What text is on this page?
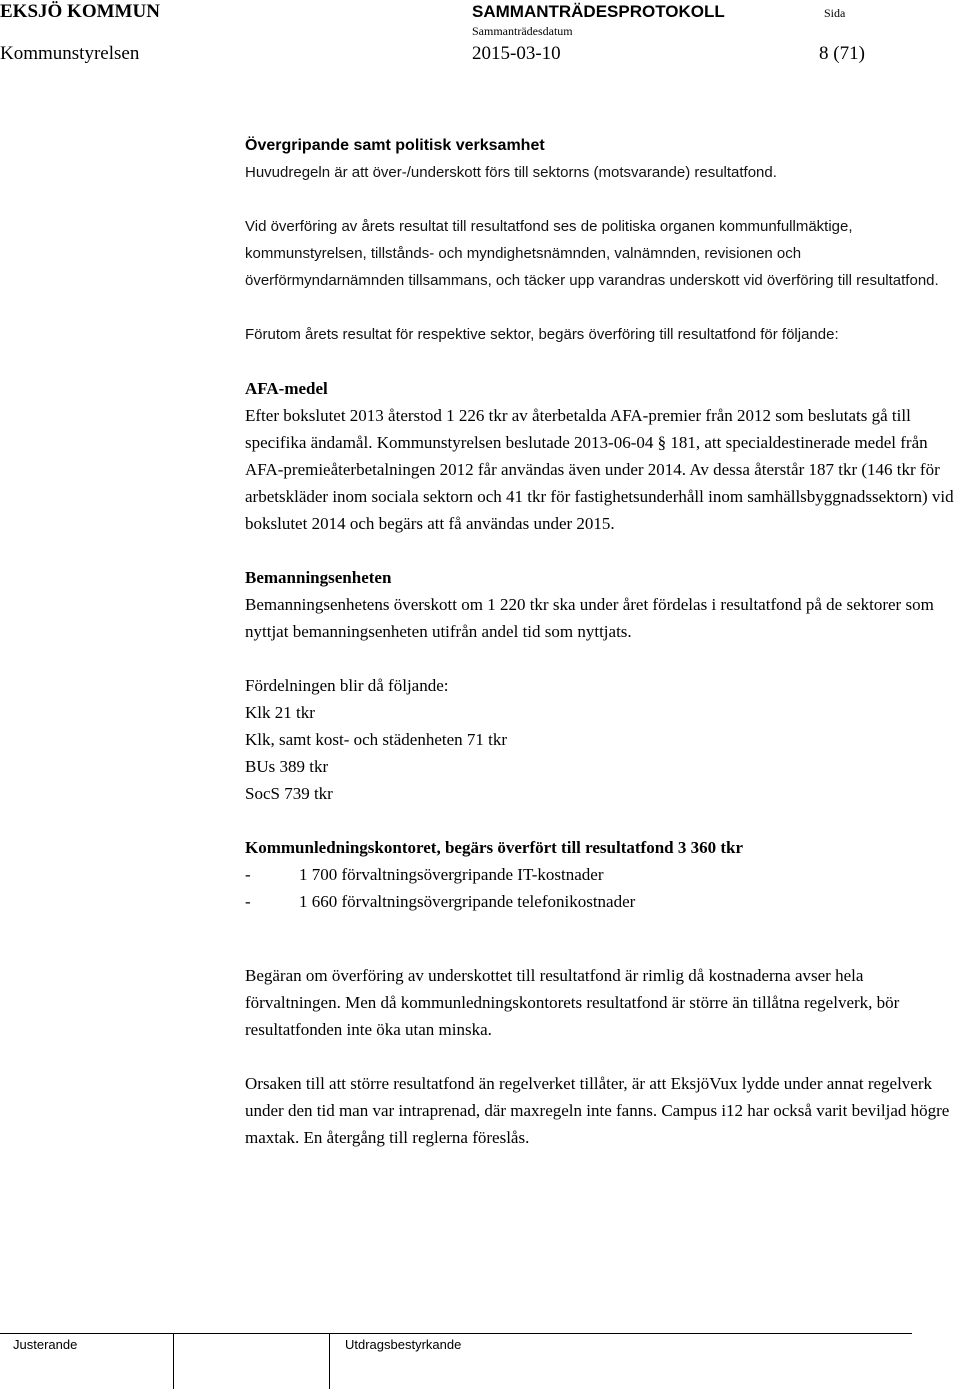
EKSJÖ KOMMUN	SAMMANTRÄDESPROTOKOLL	Sida
Sammanträdesdatum
Kommunstyrelsen	2015-03-10	8 (71)
Övergripande samt politisk verksamhet

Huvudregeln är att över-/underskott förs till sektorns (motsvarande) resultatfond.

Vid överföring av årets resultat till resultatfond ses de politiska organen kommunfullmäktige, kommunstyrelsen, tillstånds- och myndighetsnämnden, valnämnden, revisionen och överförmyndarnämnden tillsammans, och täcker upp varandras underskott vid överföring till resultatfond.

Förutom årets resultat för respektive sektor, begärs överföring till resultatfond för följande:

AFA-medel

Efter bokslutet 2013 återstod 1 226 tkr av återbetalda AFA-premier från 2012 som beslutats gå till specifika ändamål. Kommunstyrelsen beslutade 2013-06-04 § 181, att specialdestinerade medel från AFA-premieåterbetalningen 2012 får användas även under 2014. Av dessa återstår 187 tkr (146 tkr för arbetskläder inom sociala sektorn och 41 tkr för fastighetsunderhåll inom samhällsbyggnadssektorn) vid bokslutet 2014 och begärs att få användas under 2015.

Bemanningsenheten

Bemanningsenhetens överskott om 1 220 tkr ska under året fördelas i resultatfond på de sektorer som nyttjat bemanningsenheten utifrån andel tid som nyttjats.

Fördelningen blir då följande:

Klk 21 tkr

Klk, samt kost- och städenheten 71 tkr

BUs 389 tkr

SocS 739 tkr

Kommunledningskontoret, begärs överfört till resultatfond 3 360 tkr
-	1 700 förvaltningsövergripande IT-kostnader
-	1 660 förvaltningsövergripande telefonikostnader

Begäran om överföring av underskottet till resultatfond är rimlig då kostnaderna avser hela förvaltningen. Men då kommunledningskontorets resultatfond är större än tillåtna regelverk, bör resultatfonden inte öka utan minska.

Orsaken till att större resultatfond än regelverket tillåter, är att EksjöVux lydde under annat regelverk under den tid man var intraprenad, där maxregeln inte fanns. Campus i12 har också varit beviljad högre maxtak. En återgång till reglerna föreslås.

Justerande	Utdragsbestyrkande
